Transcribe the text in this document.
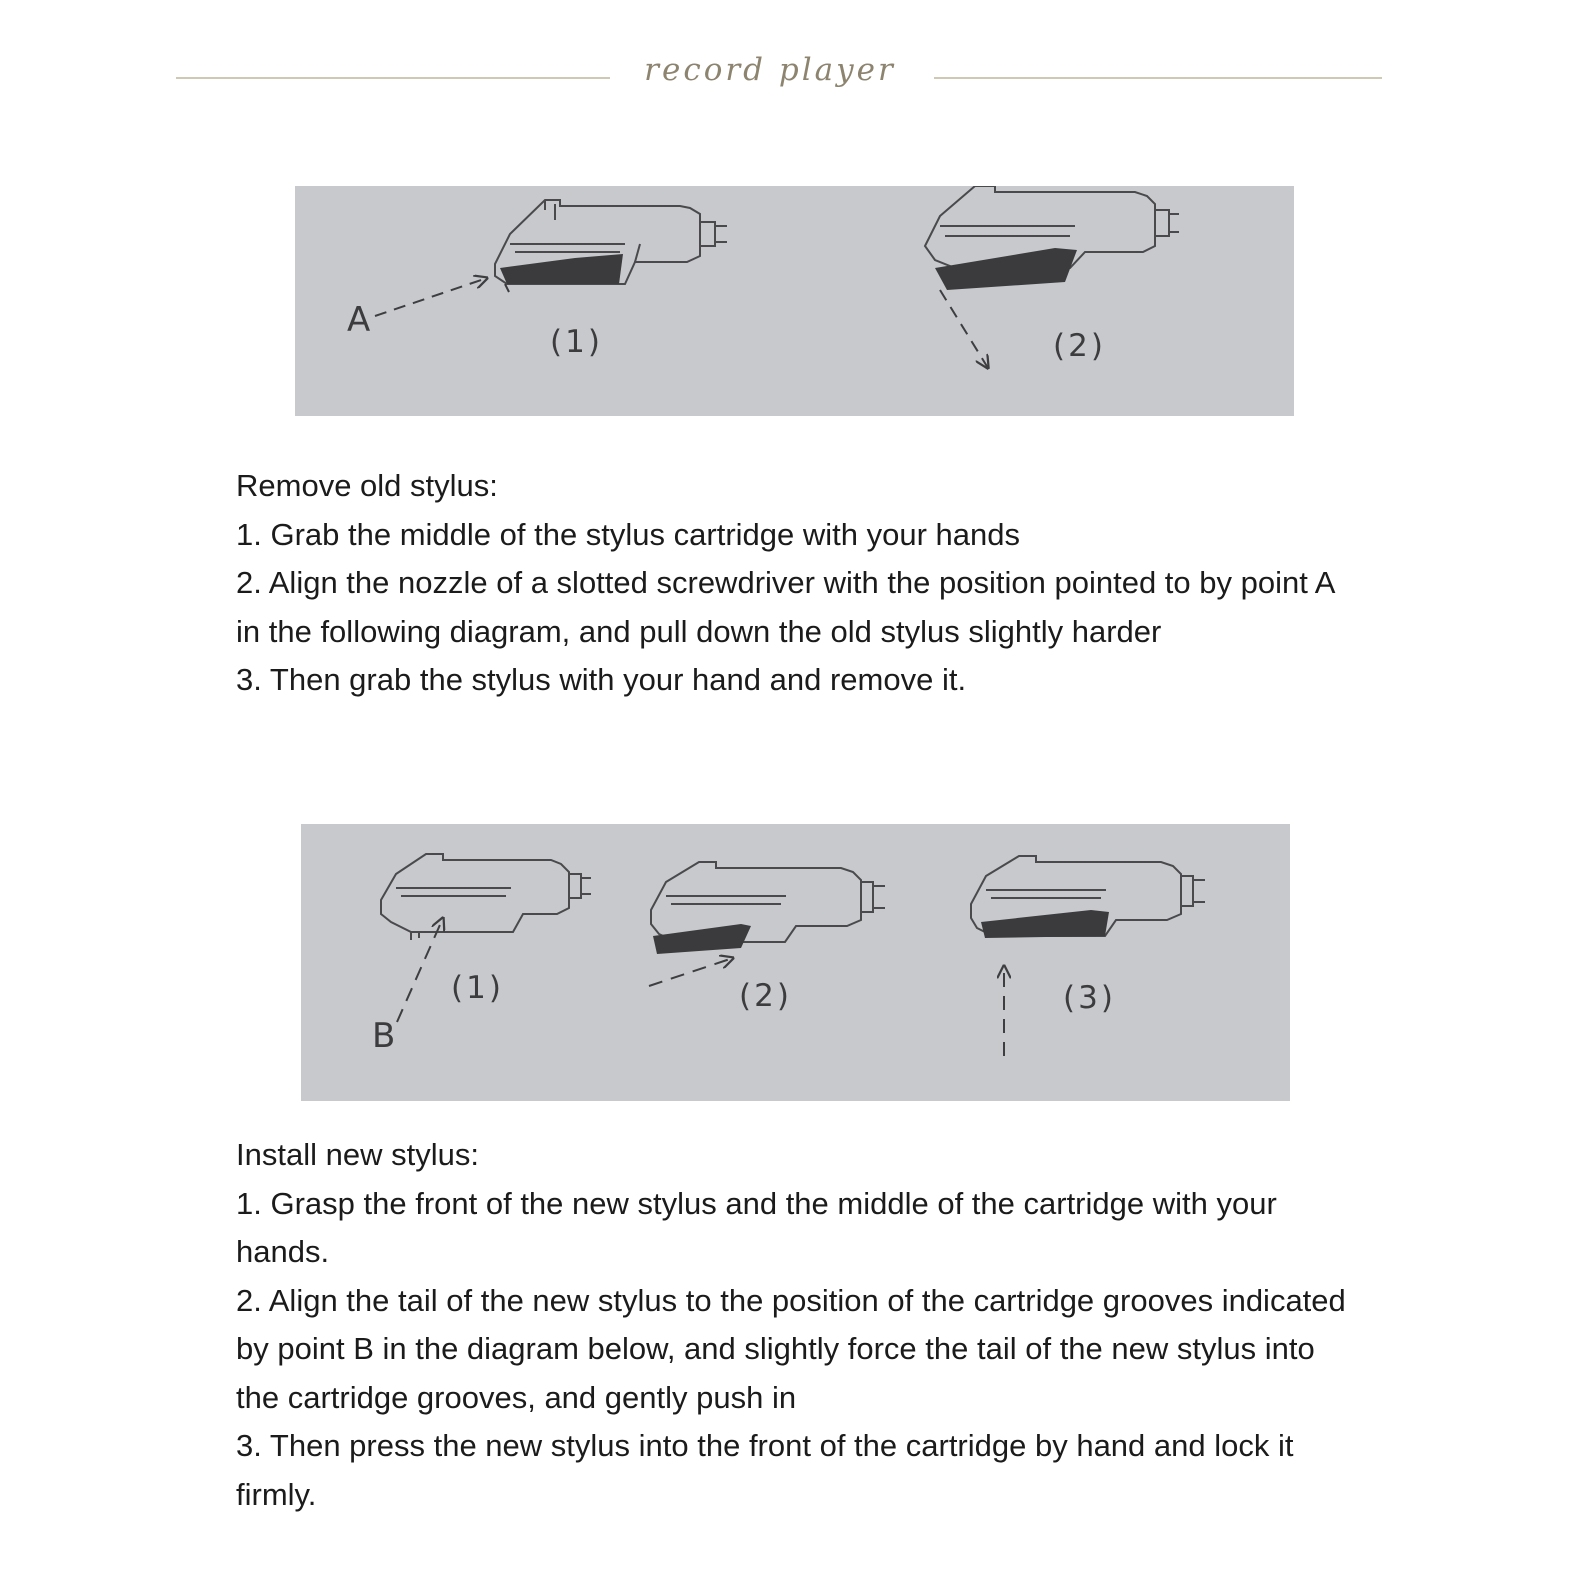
record player
A
(1)	(2)

Remove old stylus:

1. Grab the middle of the stylus cartridge with your hands

2. Align the nozzle of a slotted screwdriver with the position pointed to by point A in the following diagram, and pull down the old stylus slightly harder

3. Then grab the stylus with your hand and remove it.

B
(1)	(2)	(3)

Install new stylus:

1. Grasp the front of the new stylus and the middle of the cartridge with your hands.

2. Align the tail of the new stylus to the position of the cartridge grooves indicated by point B in the diagram below, and slightly force the tail of the new stylus into the cartridge grooves, and gently push in

3. Then press the new stylus into the front of the cartridge by hand and lock it firmly.
